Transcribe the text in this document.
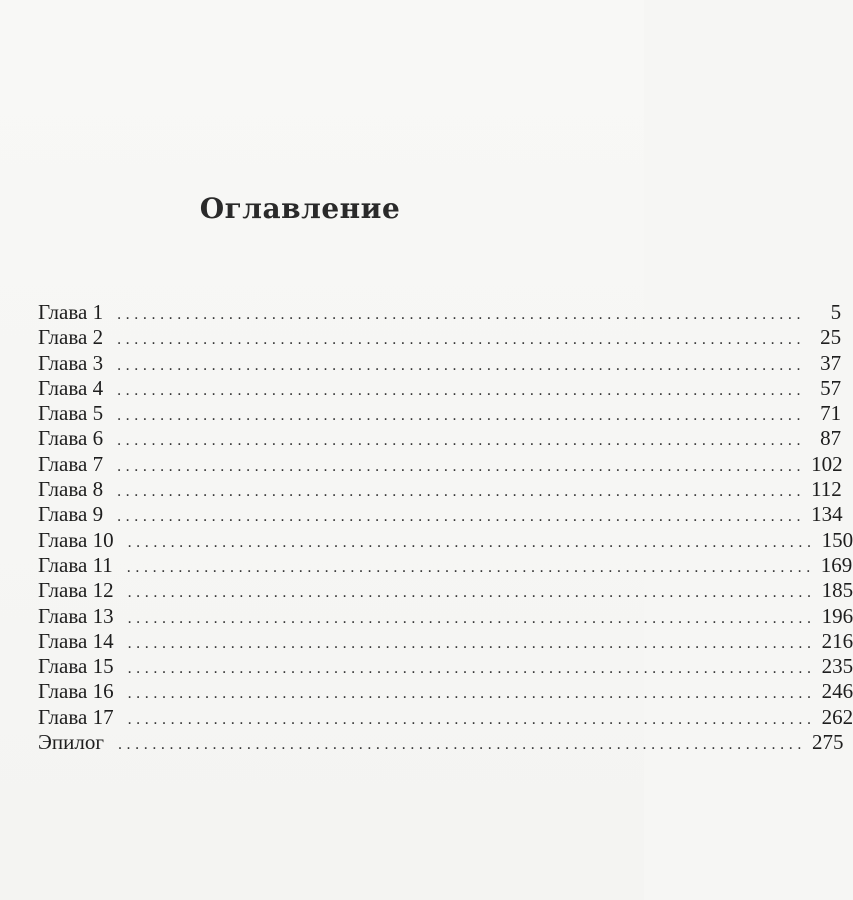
Оглавление
Глава 1 ................................................................................	5
Глава 2 ................................................................................ 25
Глава 3 ................................................................................ 37
Глава 4 ................................................................................ 57
Глава 5 ................................................................................ 71
Глава 6 ................................................................................ 87
Глава 7 ................................................................................ 102
Глава 8 ................................................................................ 112
Глава 9 ................................................................................ 134
Глава 10 ................................................................................ 150
Глава 11 ................................................................................ 169
Глава 12 ................................................................................ 185
Глава 13 ................................................................................ 196
Глава 14 ................................................................................ 216
Глава 15 ................................................................................ 235
Глава 16 ................................................................................ 246
Глава 17 ................................................................................ 262
Эпилог ................................................................................ 275
